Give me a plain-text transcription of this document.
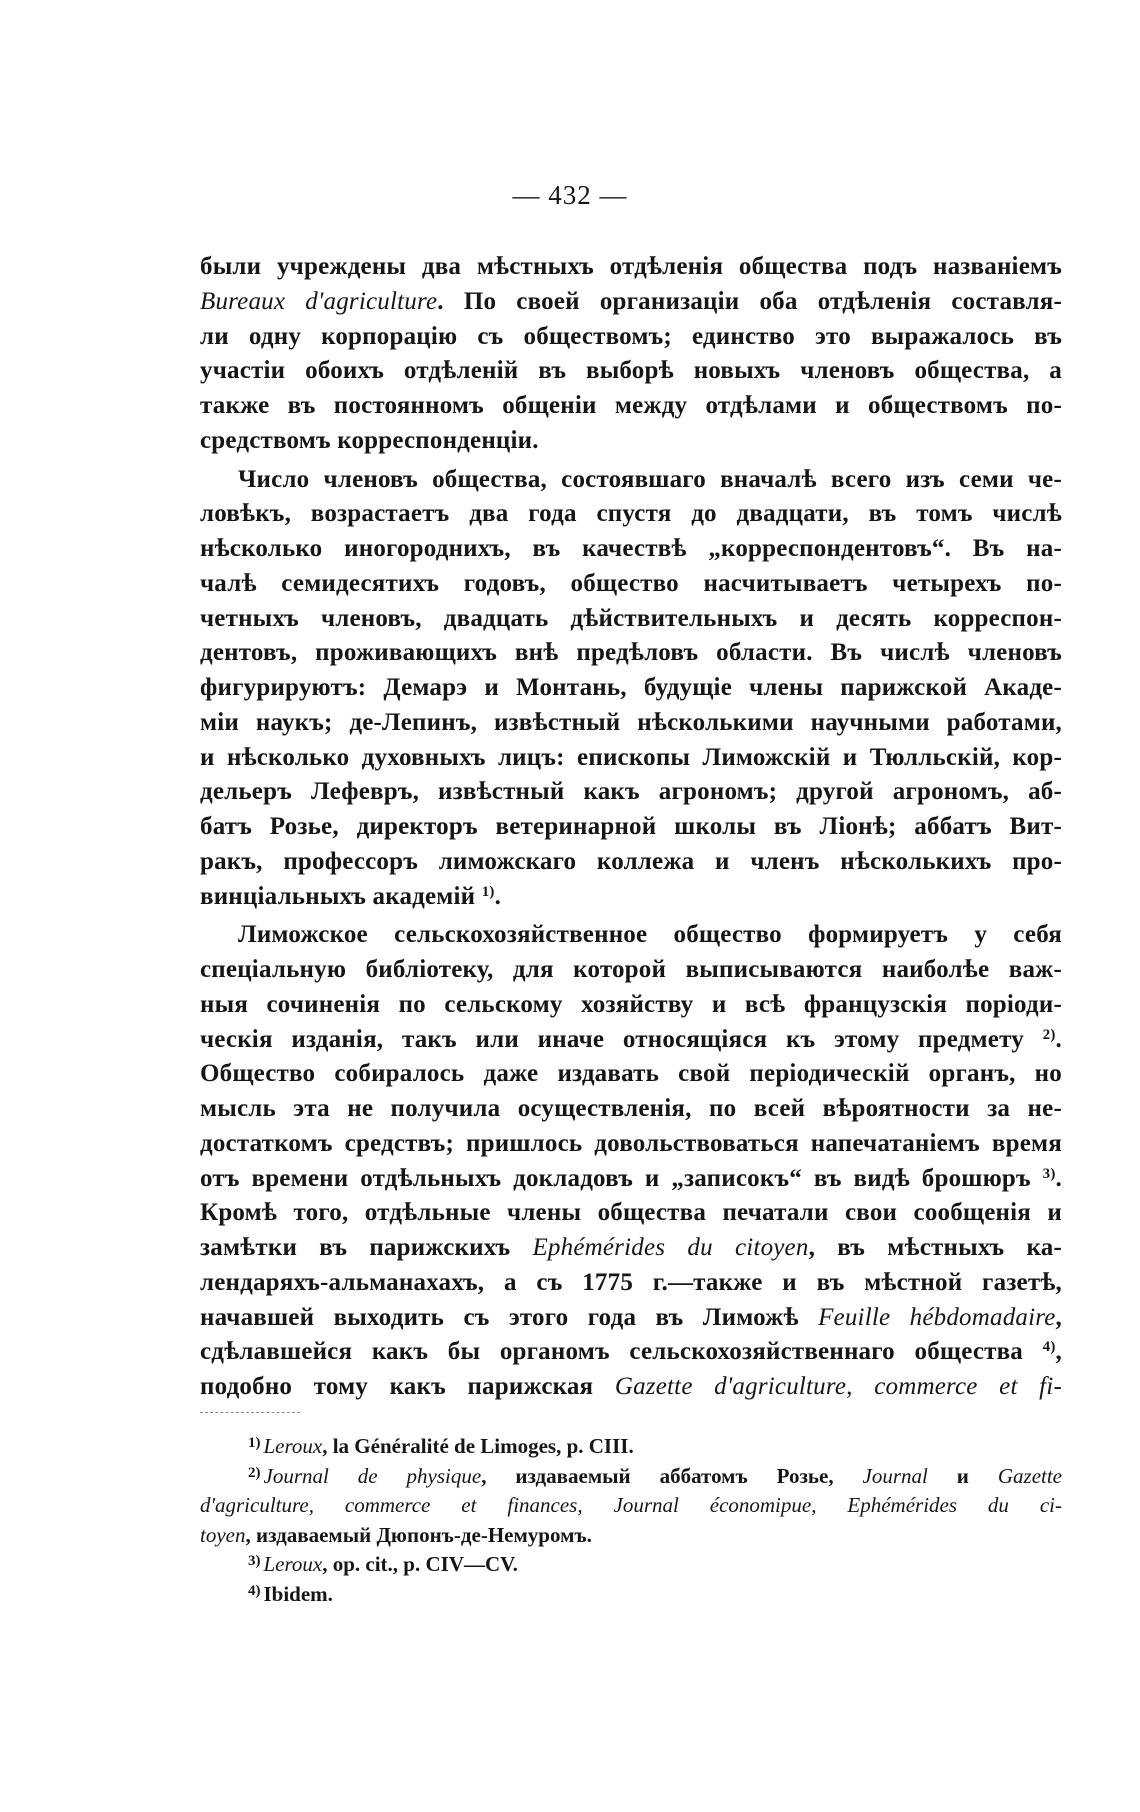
— 432 —
были учреждены два мѣстныхъ отдѣленія общества подъ названіемъ
Bureaux d'agriculture. По своей организаціи оба отдѣленія составля-
ли одну корпорацію съ обществомъ; единство это выражалось въ
участіи обоихъ отдѣленій въ выборѣ новыхъ членовъ общества, а
также въ постоянномъ общеніи между отдѣлами и обществомъ по-
средствомъ корреспонденціи.
Число членовъ общества, состоявшаго вначалѣ всего изъ семи че-
ловѣкъ, возрастаетъ два года спустя до двадцати, въ томъ числѣ
нѣсколько иногороднихъ, въ качествѣ „корреспондентовъ“. Въ на-
чалѣ семидесятихъ годовъ, общество насчитываетъ четырехъ по-
четныхъ членовъ, двадцать дѣйствительныхъ и десять корреспон-
дентовъ, проживающихъ внѣ предѣловъ области. Въ числѣ членовъ
фигурируютъ: Демарэ и Монтань, будущіе члены парижской Акаде-
міи наукъ; де-Лепинъ, извѣстный нѣсколькими научными работами,
и нѣсколько духовныхъ лицъ: епископы Лиможскій и Тюлльскій, кор-
дельеръ Лефевръ, извѣстный какъ агрономъ; другой агрономъ, аб-
батъ Розье, директоръ ветеринарной школы въ Ліонѣ; аббатъ Вит-
ракъ, профессоръ лиможскаго коллежа и членъ нѣсколькихъ про-
винціальныхъ академій $^{1)}$.
Лиможское сельскохозяйственное общество формируетъ у себя
спеціальную библіотеку, для которой выписываются наиболѣе важ-
ныя сочиненія по сельскому хозяйству и всѣ французскія поріоди-
ческія изданія, такъ или иначе относящіяся къ этому предмету $^{2)}$.
Общество собиралось даже издавать свой періодическій органъ, но
мысль эта не получила осуществленія, по всей вѣроятности за не-
достаткомъ средствъ; пришлось довольствоваться напечатаніемъ время
отъ времени отдѣльныхъ докладовъ и „записокъ“ въ видѣ брошюръ $^{3)}$.
Кромѣ того, отдѣльные члены общества печатали свои сообщенія и
замѣтки въ парижскихъ Ephémérides du citoyen, въ мѣстныхъ ка-
лендаряхъ-альманахахъ, а съ 1775 г.—также и въ мѣстной газетѣ,
начавшей выходить съ этого года въ Лиможѣ Feuille hébdomadaire,
сдѣлавшейся какъ бы органомъ сельскохозяйственнаго общества $^{4)}$,
подобно тому какъ парижская Gazette d'agriculture, commerce et fi-
$^{1)}$ Leroux, la Généralité de Limoges, p. CIII.
$^{2)}$ Journal de physique, издаваемый аббатомъ Розье, Journal и Gazette
d'agriculture, commerce et finances, Journal économipue, Ephémérides du ci-
toyen, издаваемый Дюпонъ-де-Немуромъ.
$^{3)}$ Leroux, op. cit., p. CIV—CV.
$^{4)}$ Ibidem.
